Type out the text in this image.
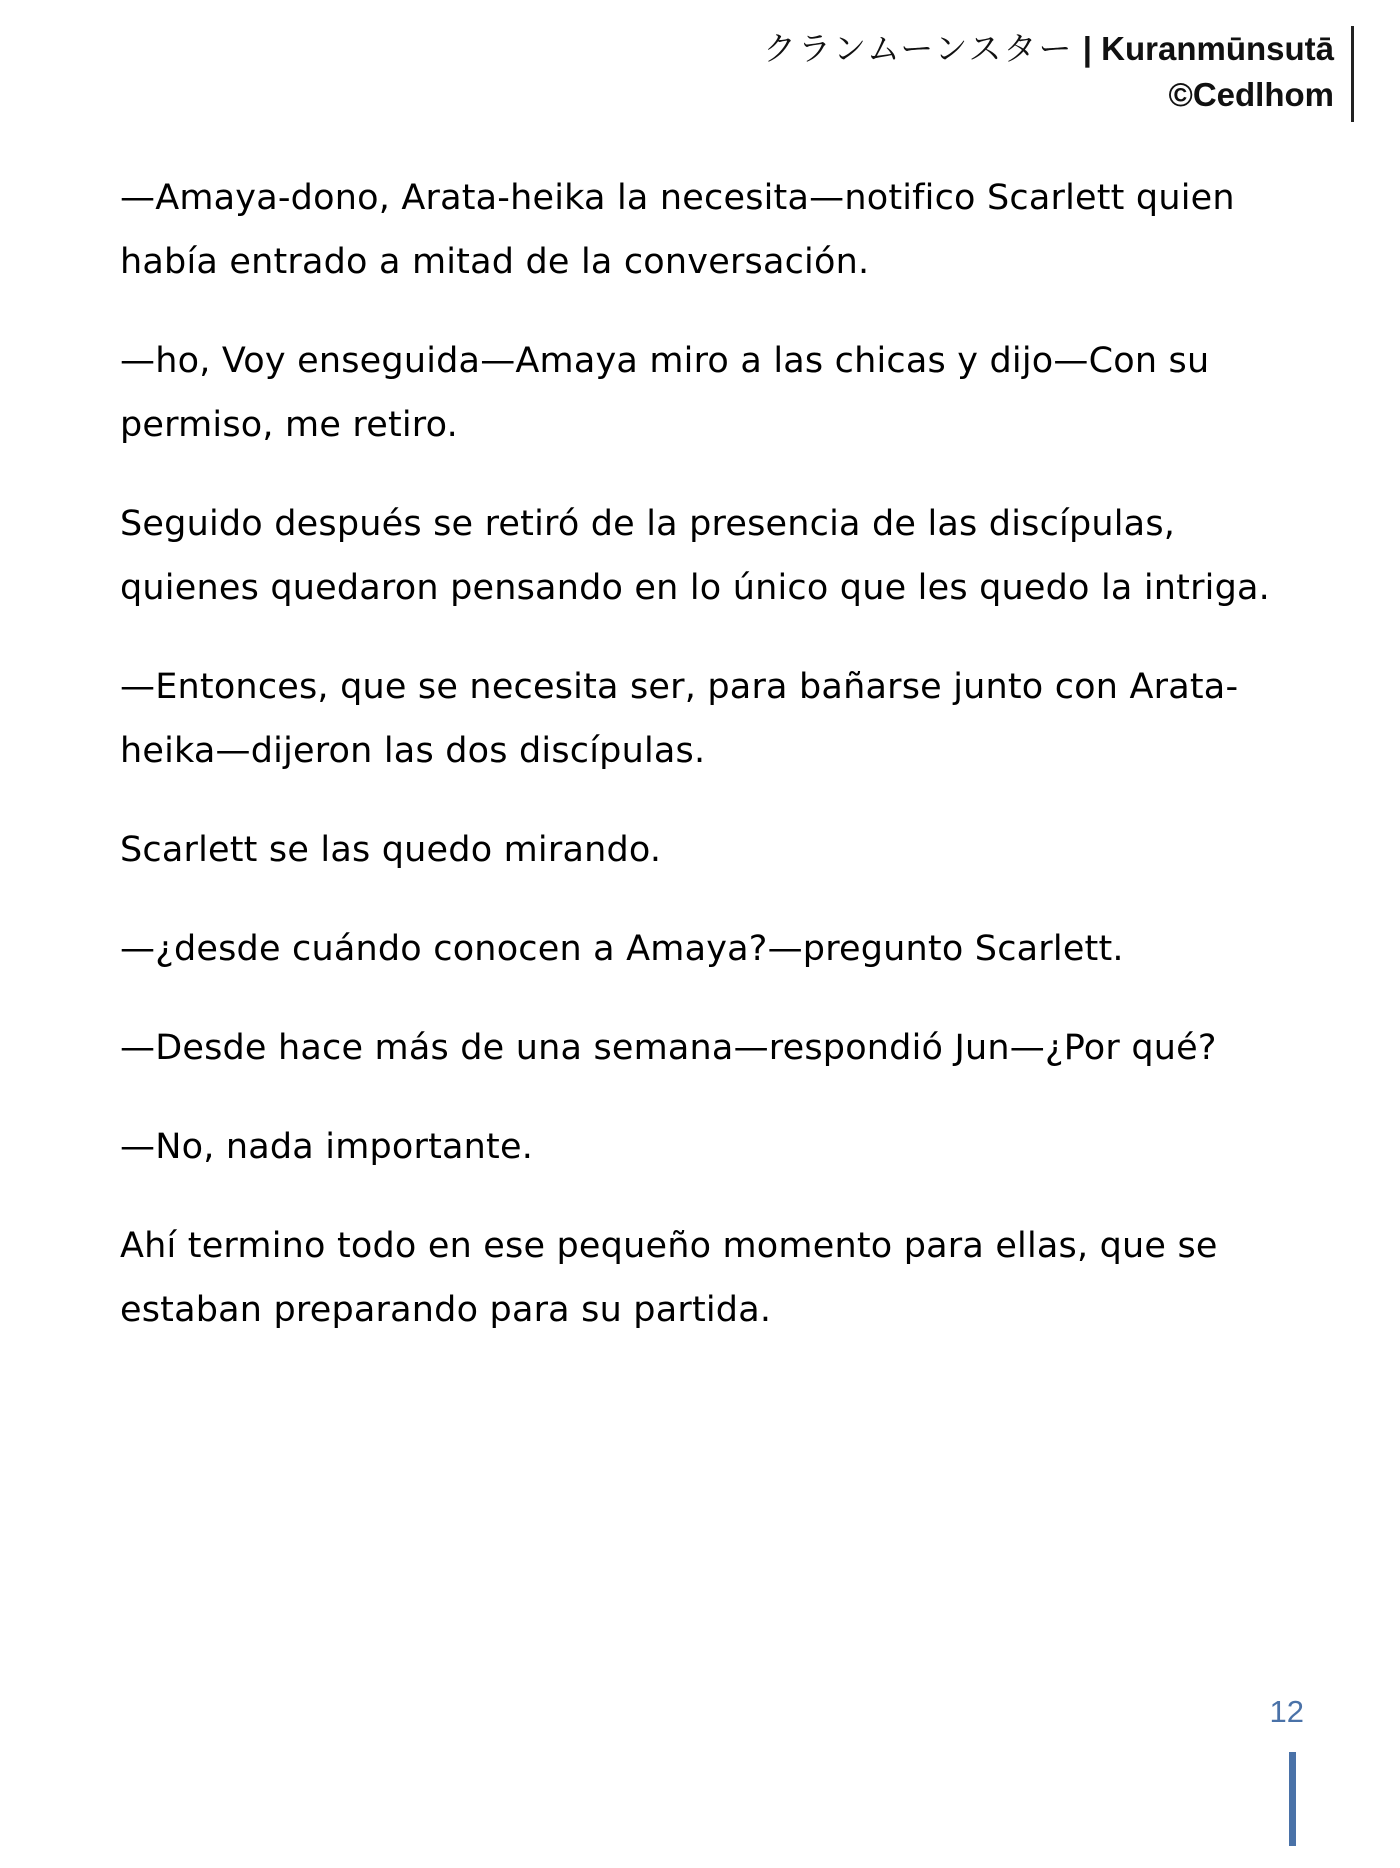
クランムーンスター | Kuranmūnsutā
©Cedlhom

—Amaya-dono, Arata-heika la necesita—notifico Scarlett quien había entrado a mitad de la conversación.

—ho, Voy enseguida—Amaya miro a las chicas y dijo—Con su permiso, me retiro.

Seguido después se retiró de la presencia de las discípulas, quienes quedaron pensando en lo único que les quedo la intriga.

—Entonces, que se necesita ser, para bañarse junto con Arata-heika—dijeron las dos discípulas.

Scarlett se las quedo mirando.

—¿desde cuándo conocen a Amaya?—pregunto Scarlett.

—Desde hace más de una semana—respondió Jun—¿Por qué?

—No, nada importante.

Ahí termino todo en ese pequeño momento para ellas, que se estaban preparando para su partida.

12
